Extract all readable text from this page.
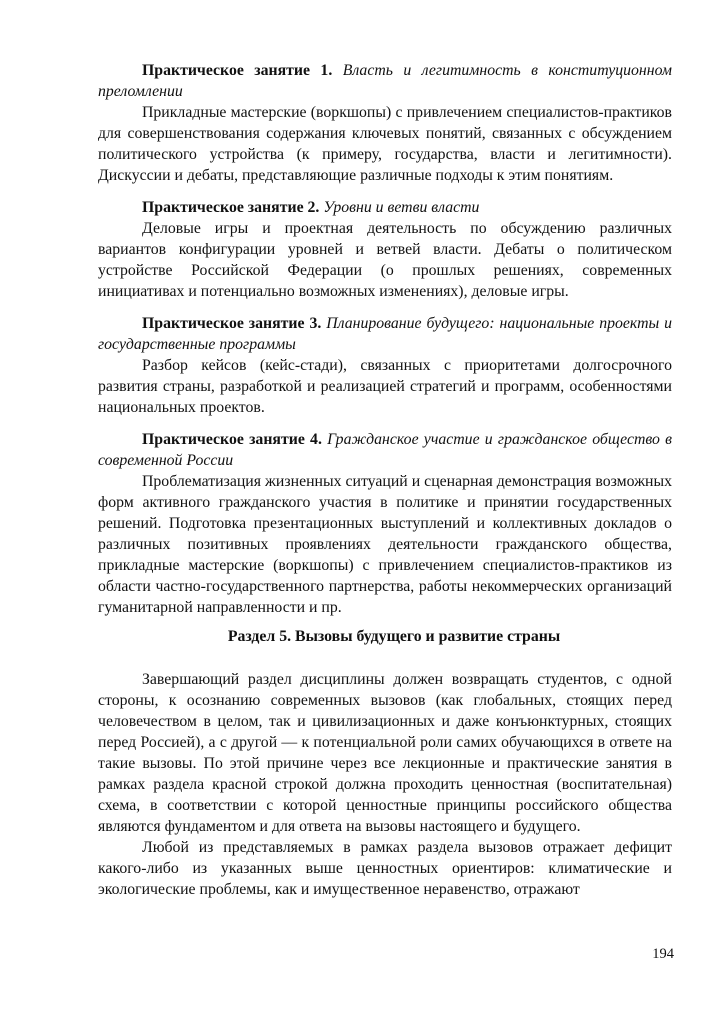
Практическое занятие 1. Власть и легитимность в конституционном преломлении

Прикладные мастерские (воркшопы) с привлечением специалистов-практиков для совершенствования содержания ключевых понятий, связанных с обсуждением политического устройства (к примеру, государства, власти и легитимности). Дискуссии и дебаты, представляющие различные подходы к этим понятиям.

Практическое занятие 2. Уровни и ветви власти

Деловые игры и проектная деятельность по обсуждению различных вариантов конфигурации уровней и ветвей власти. Дебаты о политическом устройстве Российской Федерации (о прошлых решениях, современных инициативах и потенциально возможных изменениях), деловые игры.

Практическое занятие 3. Планирование будущего: национальные проекты и государственные программы

Разбор кейсов (кейс-стади), связанных с приоритетами долгосрочного развития страны, разработкой и реализацией стратегий и программ, особенностями национальных проектов.

Практическое занятие 4. Гражданское участие и гражданское общество в современной России

Проблематизация жизненных ситуаций и сценарная демонстрация возможных форм активного гражданского участия в политике и принятии государственных решений. Подготовка презентационных выступлений и коллективных докладов о различных позитивных проявлениях деятельности гражданского общества, прикладные мастерские (воркшопы) с привлечением специалистов-практиков из области частно-государственного партнерства, работы некоммерческих организаций гуманитарной направленности и пр.

Раздел 5. Вызовы будущего и развитие страны

Завершающий раздел дисциплины должен возвращать студентов, с одной стороны, к осознанию современных вызовов (как глобальных, стоящих перед человечеством в целом, так и цивилизационных и даже конъюнктурных, стоящих перед Россией), а с другой — к потенциальной роли самих обучающихся в ответе на такие вызовы. По этой причине через все лекционные и практические занятия в рамках раздела красной строкой должна проходить ценностная (воспитательная) схема, в соответствии с которой ценностные принципы российского общества являются фундаментом и для ответа на вызовы настоящего и будущего.

Любой из представляемых в рамках раздела вызовов отражает дефицит какого-либо из указанных выше ценностных ориентиров: климатические и экологические проблемы, как и имущественное неравенство, отражают

194
